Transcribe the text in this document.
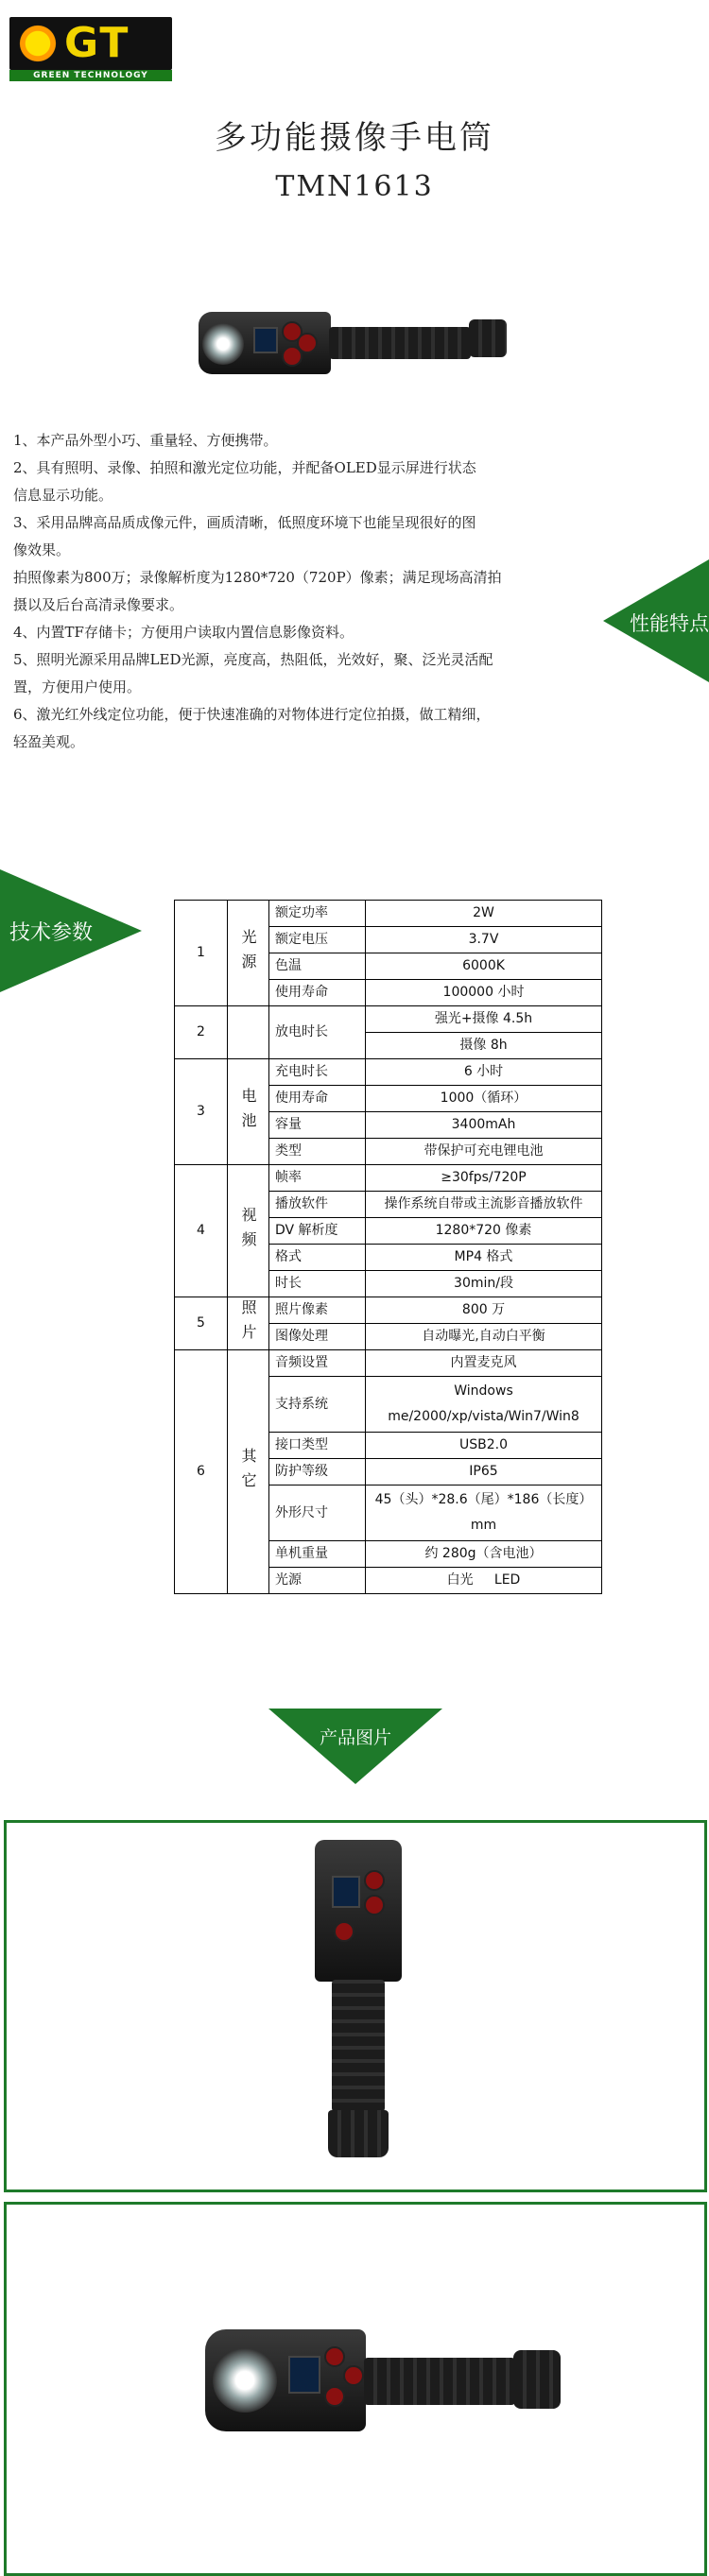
GT
GREEN TECHNOLOGY
多功能摄像手电筒
TMN1613

1、本产品外型小巧、重量轻、方便携带。

2、具有照明、录像、拍照和激光定位功能，并配备OLED显示屏进行状态

信息显示功能。

3、采用品牌高品质成像元件，画质清晰，低照度环境下也能呈现很好的图

像效果。

拍照像素为800万；录像解析度为1280*720（720P）像素；满足现场高清拍

摄以及后台高清录像要求。

4、内置TF存储卡；方便用户读取内置信息影像资料。

5、照明光源采用品牌LED光源，亮度高，热阻低，光效好，聚、泛光灵活配

置，方便用户使用。

6、激光红外线定位功能，便于快速准确的对物体进行定位拍摄，做工精细，

轻盈美观。

性能特点
技术参数
1	光源	额定功率	2W
		额定电压	3.7V
		色温	6000K
		使用寿命	100000 小时
2		放电时长	强光+摄像 4.5h
			摄像 8h
3	电池	充电时长	6 小时
		使用寿命	1000（循环）
		容量	3400mAh
		类型	带保护可充电锂电池
4	视频	帧率	≥30fps/720P
		播放软件	操作系统自带或主流影音播放软件
		DV 解析度	1280*720 像素
		格式	MP4 格式
		时长	30min/段
5	照片	照片像素	800 万
		图像处理	自动曝光,自动白平衡
6	其它	音频设置	内置麦克风
		支持系统	Windows me/2000/xp/vista/Win7/Win8
		接口类型	USB2.0
		防护等级	IP65
		外形尺寸	45（头）*28.6（尾）*186（长度）mm
		单机重量	约 280g（含电池）
		光源	白光     LED
产品图片
